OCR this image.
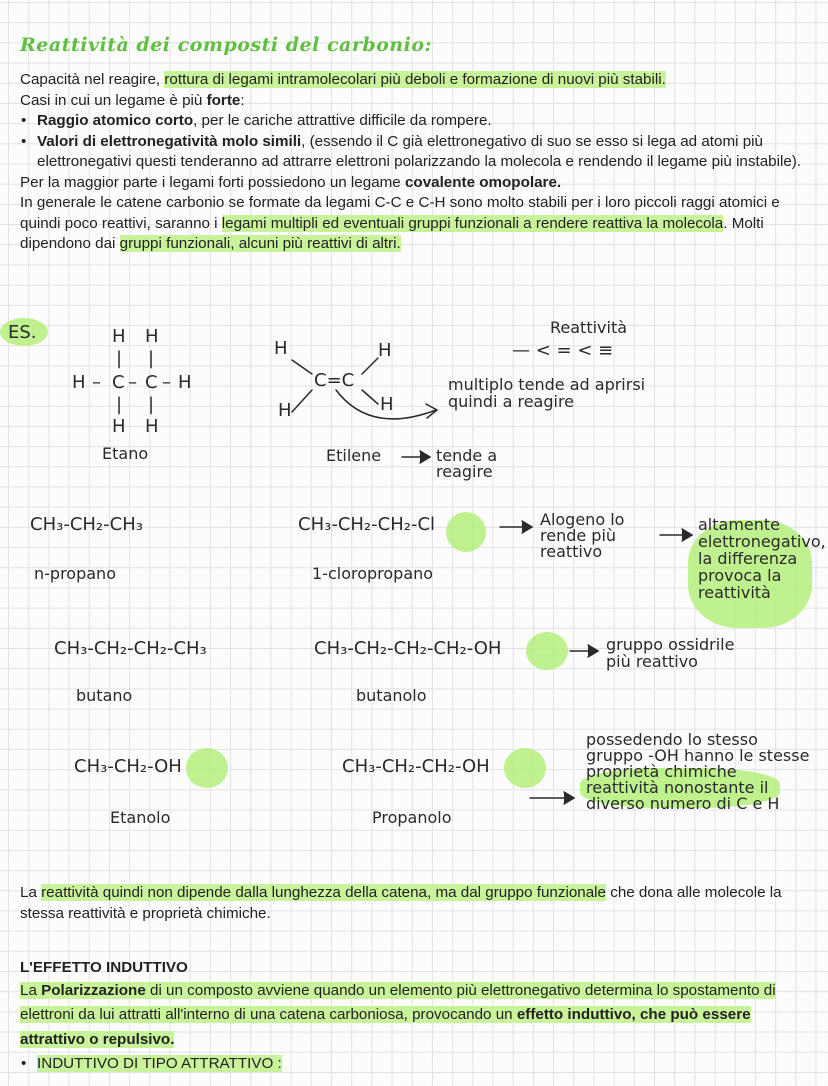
Reattività dei composti del carbonio:

Capacità nel reagire, rottura di legami intramolecolari più deboli e formazione di nuovi più stabili.

Casi in cui un legame è più forte:

• Raggio atomico corto, per le cariche attrattive difficile da rompere.

• Valori di elettronegatività molo simili, (essendo il C già elettronegativo di suo se esso si lega ad atomi più elettronegativi questi tenderanno ad attrarre elettroni polarizzando la molecola e rendendo il legame più instabile).

Per la maggior parte i legami forti possiedono un legame covalente omopolare.

In generale le catene carbonio se formate da legami C-C e C-H sono molto stabili per i loro piccoli raggi atomici e quindi poco reattivi, saranno i legami multipli ed eventuali gruppi funzionali a rendere reattiva la molecola. Molti dipendono dai gruppi funzionali, alcuni più reattivi di altri.

ES.	H H
| |
H – C – C – H
| |
H H
Etano
H	H
C=C
H	H
Etilene	tende a reagire
Reattività
— < = < ≡
multiplo tende ad aprirsi quindi a reagire
CH₃-CH₂-CH₃
n-propano
CH₃-CH₂-CH₂-Cl
1-cloropropano
Alogeno lo rende più reattivo
altamente elettronegativo, la differenza provoca la reattività
CH₃-CH₂-CH₂-CH₃
butano
CH₃-CH₂-CH₂-CH₂-OH
butanolo
gruppo ossidrile più reattivo
CH₃-CH₂-OH
Etanolo
CH₃-CH₂-CH₂-OH
Propanolo
possedendo lo stesso gruppo -OH hanno le stesse proprietà chimiche reattività nonostante il diverso numero di C e H

La reattività quindi non dipende dalla lunghezza della catena, ma dal gruppo funzionale che dona alle molecole la stessa reattività e proprietà chimiche.

L'EFFETTO INDUTTIVO

La Polarizzazione di un composto avviene quando un elemento più elettronegativo determina lo spostamento di elettroni da lui attratti all'interno di una catena carboniosa, provocando un effetto induttivo, che può essere attrattivo o repulsivo.

• INDUTTIVO DI TIPO ATTRATTIVO :
